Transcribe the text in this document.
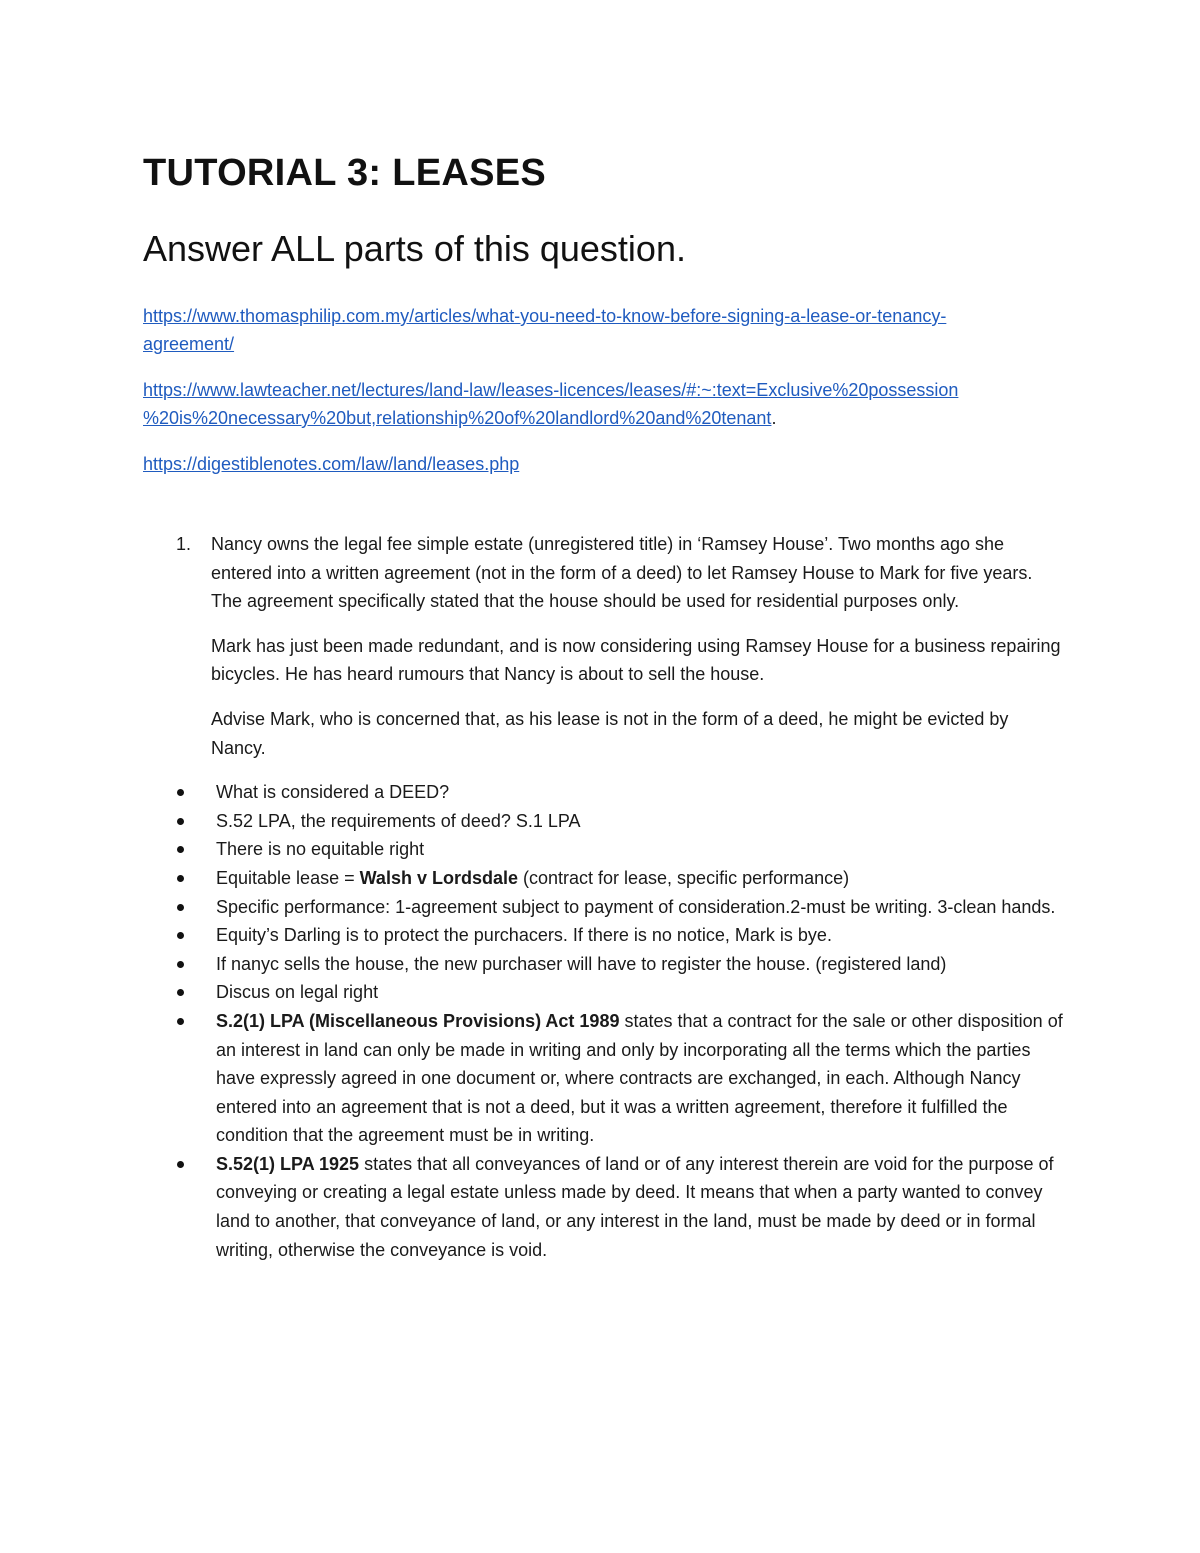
TUTORIAL 3: LEASES
Answer ALL parts of this question.

https://www.thomasphilip.com.my/articles/what-you-need-to-know-before-signing-a-lease-or-tenancy-
agreement/

https://www.lawteacher.net/lectures/land-law/leases-licences/leases/#:~:text=Exclusive%20possession
%20is%20necessary%20but,relationship%20of%20landlord%20and%20tenant.

https://digestiblenotes.com/law/land/leases.php

1. Nancy owns the legal fee simple estate (unregistered title) in ‘Ramsey House’. Two months ago she entered into a written agreement (not in the form of a deed) to let Ramsey House to Mark for five years. The agreement specifically stated that the house should be used for residential purposes only.

Mark has just been made redundant, and is now considering using Ramsey House for a business repairing bicycles. He has heard rumours that Nancy is about to sell the house.

Advise Mark, who is concerned that, as his lease is not in the form of a deed, he might be evicted by Nancy.

What is considered a DEED?
S.52 LPA, the requirements of deed? S.1 LPA
There is no equitable right
Equitable lease = Walsh v Lordsdale (contract for lease, specific performance)
Specific performance: 1-agreement subject to payment of consideration.2-must be writing. 3-clean hands.
Equity’s Darling is to protect the purchacers. If there is no notice, Mark is bye.
If nanyc sells the house, the new purchaser will have to register the house. (registered land)
Discus on legal right
S.2(1) LPA (Miscellaneous Provisions) Act 1989 states that a contract for the sale or other disposition of an interest in land can only be made in writing and only by incorporating all the terms which the parties have expressly agreed in one document or, where contracts are exchanged, in each. Although Nancy entered into an agreement that is not a deed, but it was a written agreement, therefore it fulfilled the condition that the agreement must be in writing.
S.52(1) LPA 1925 states that all conveyances of land or of any interest therein are void for the purpose of conveying or creating a legal estate unless made by deed. It means that when a party wanted to convey land to another, that conveyance of land, or any interest in the land, must be made by deed or in formal writing, otherwise the conveyance is void.
